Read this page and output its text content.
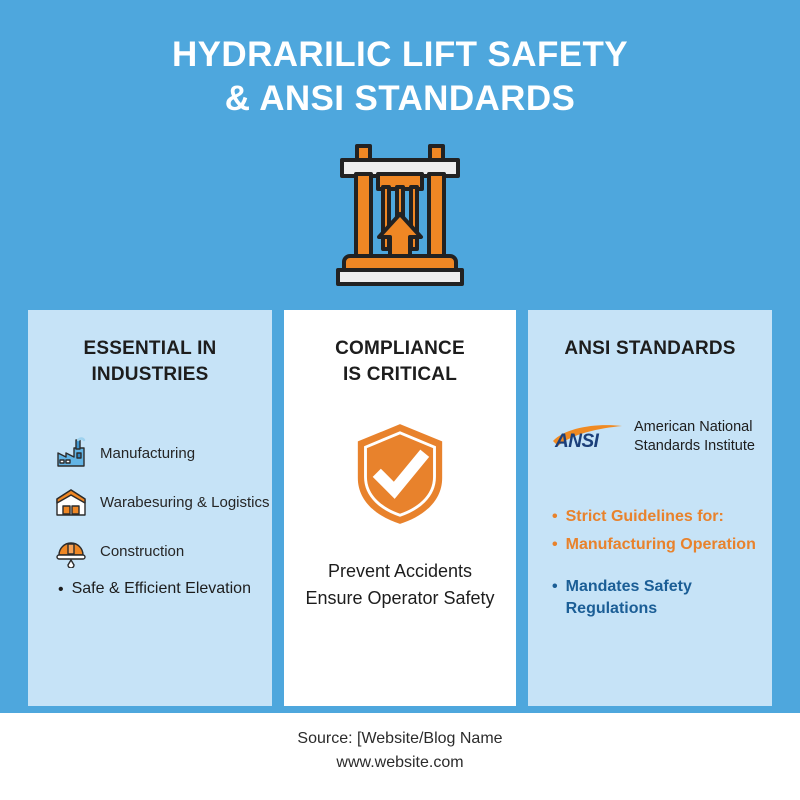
HYDRARILIC LIFT SAFETY
& ANSI STANDARDS
ESSENTIAL IN
INDUSTRIES
Manufacturing
Warabesuring & Logistics
Construction
• Safe & Efficient Elevation
COMPLIANCE
IS CRITICAL
Prevent Accidents
Ensure Operator Safety
ANSI STANDARDS
ANSI
American National
Standards Institute
• Strict Guidelines for:
• Manufacturing Operation
• Mandates Safety Regulations
Source: [Website/Blog Name
www.website.com
